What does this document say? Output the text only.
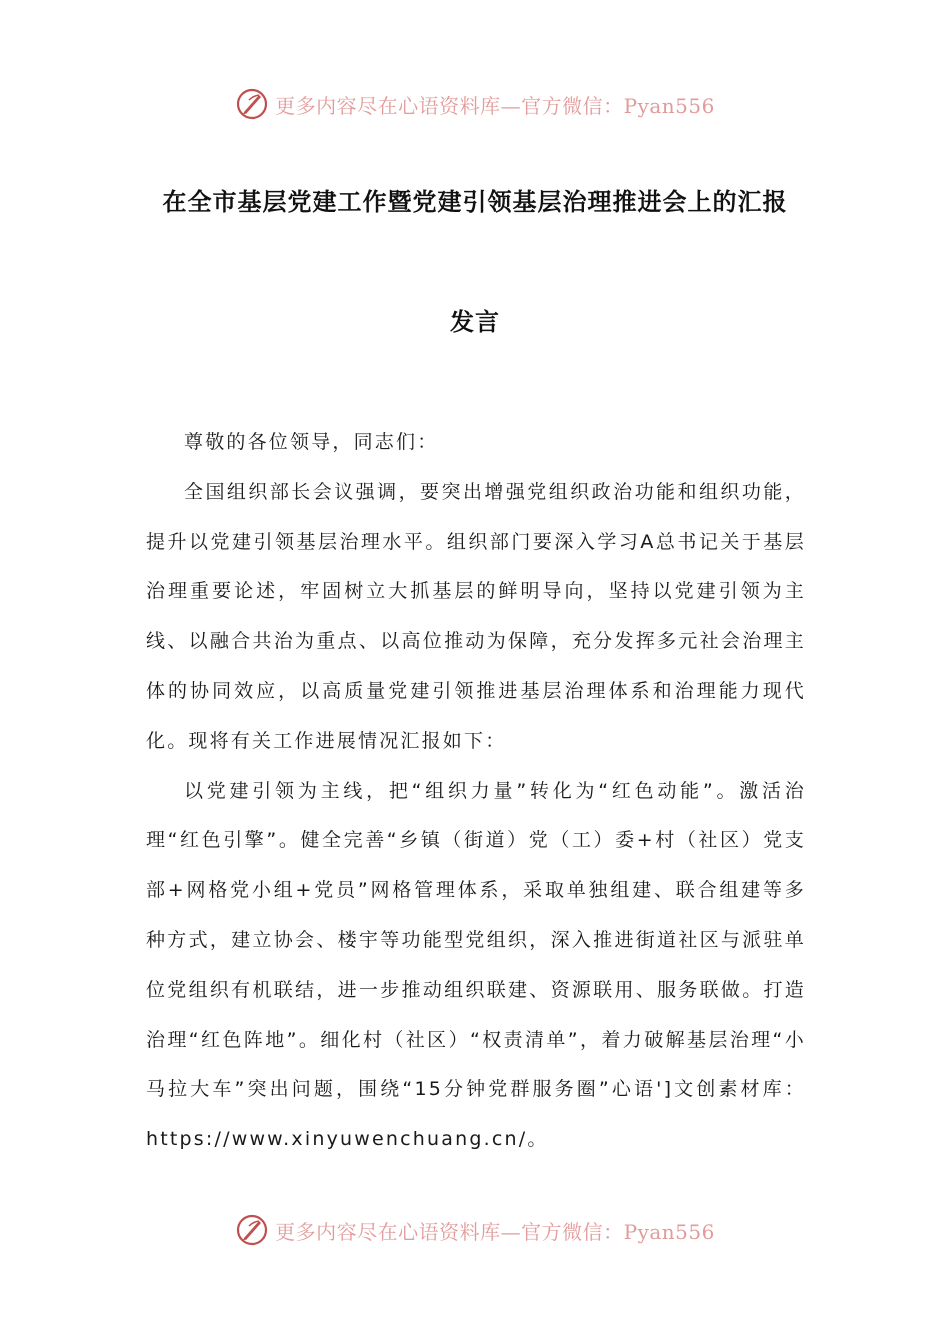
更多内容尽在心语资料库—官方微信：Pyan556
在全市基层党建工作暨党建引领基层治理推进会上的汇报
发言

尊敬的各位领导，同志们：

全国组织部长会议强调，要突出增强党组织政治功能和组织功能，提升以党建引领基层治理水平。组织部门要深入学习A总书记关于基层治理重要论述，牢固树立大抓基层的鲜明导向，坚持以党建引领为主线、以融合共治为重点、以高位推动为保障，充分发挥多元社会治理主体的协同效应，以高质量党建引领推进基层治理体系和治理能力现代化。现将有关工作进展情况汇报如下：

以党建引领为主线，把“组织力量”转化为“红色动能”。激活治理“红色引擎”。健全完善“乡镇（街道）党（工）委+村（社区）党支部+网格党小组+党员”网格管理体系，采取单独组建、联合组建等多种方式，建立协会、楼宇等功能型党组织，深入推进街道社区与派驻单位党组织有机联结，进一步推动组织联建、资源联用、服务联做。打造治理“红色阵地”。细化村（社区）“权责清单”，着力破解基层治理“小马拉大车”突出问题，围绕“15分钟党群服务圈”心语']文创素材库：https://www.xinyuwenchuang.cn/。

更多内容尽在心语资料库—官方微信：Pyan556
